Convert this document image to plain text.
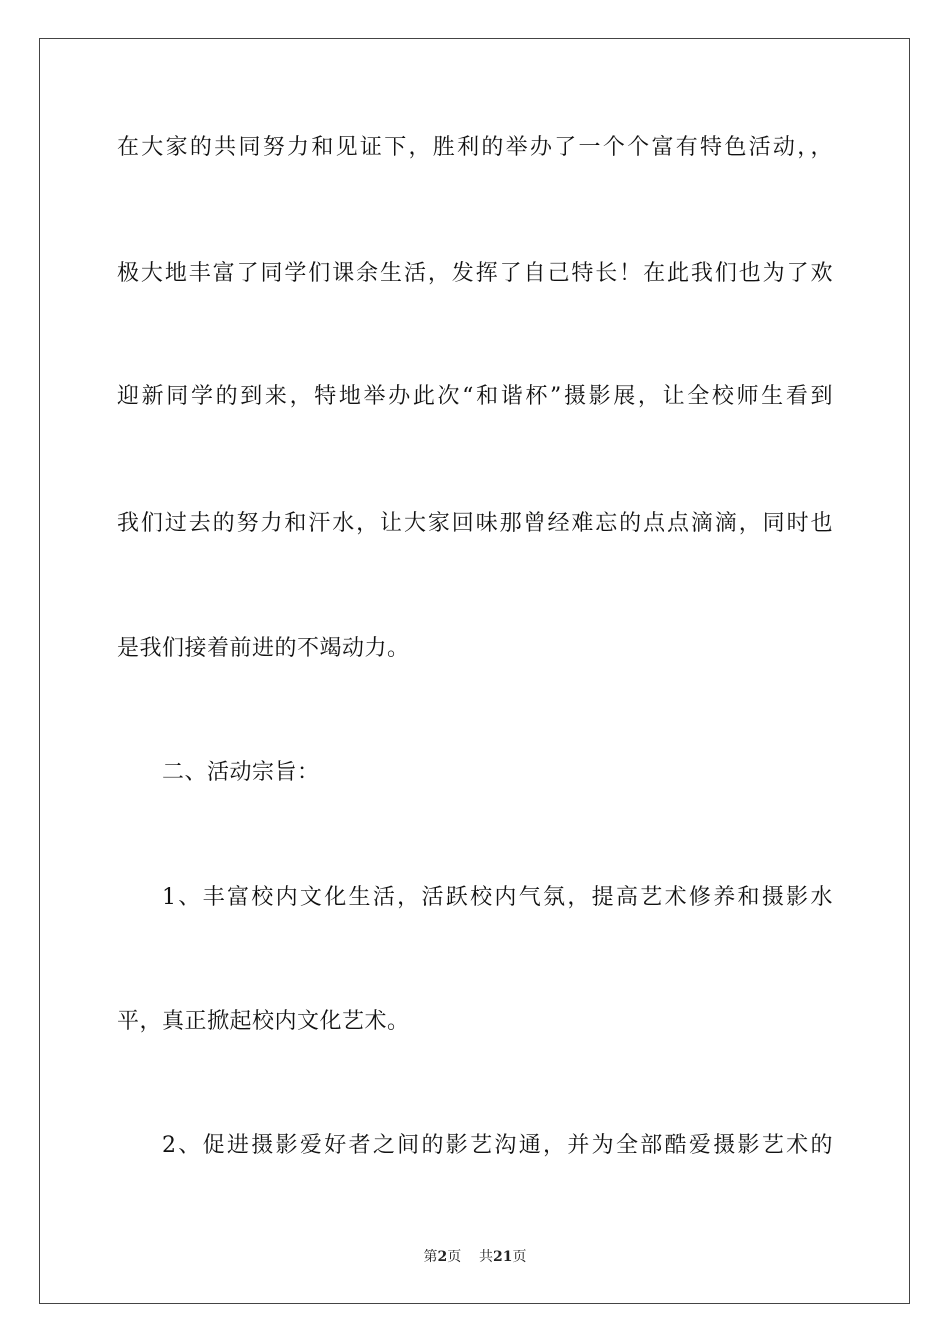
在大家的共同努力和见证下，胜利的举办了一个个富有特色活动，，
极大地丰富了同学们课余生活，发挥了自己特长！在此我们也为了欢
迎新同学的到来，特地举办此次“和谐杯”摄影展，让全校师生看到
我们过去的努力和汗水，让大家回味那曾经难忘的点点滴滴，同时也
是我们接着前进的不竭动力。
二、活动宗旨：
1、丰富校内文化生活，活跃校内气氛，提高艺术修养和摄影水
平，真正掀起校内文化艺术。
2、促进摄影爱好者之间的影艺沟通，并为全部酷爱摄影艺术的
第2页 共21页
